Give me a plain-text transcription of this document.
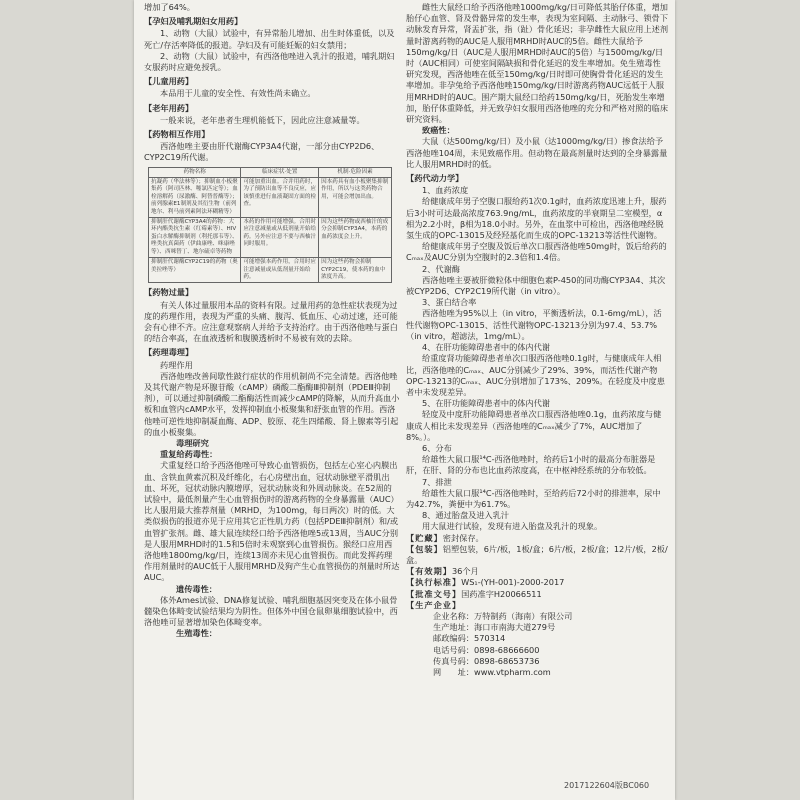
增加了64%。

【孕妇及哺乳期妇女用药】

1、动物（大鼠）试验中，有异常胎儿增加、出生时体重低，以及死亡/存活率降低的报道。孕妇及有可能妊娠的妇女禁用；

2、动物（大鼠）试验中，有西洛他唑进入乳汁的报道，哺乳期妇女服药时应避免授乳。

【儿童用药】

本品用于儿童的安全性、有效性尚未确立。

【老年用药】

一般来说，老年患者生理机能低下，因此应注意减量等。

【药物相互作用】

西洛他唑主要由肝代谢酶CYP3A4代谢，一部分由CYP2D6、CYP2C19所代谢。

药物名称	临床症状·处置	机制·危险因素
抗凝药（华法林等）；抑制血小板聚集药（阿司匹林、噻氯匹定等）；血栓溶解药（尿激酶、阿替普酶等）；前列腺素E1制剂及其衍生物（前列地尔、利马前列素阿法环糊精等）	可能加重出血。合并用药时，为了预防出血等不良反应，应该慎重进行血液凝固方面的检查。	因本药具有血小板聚集抑制作用，所以与这类药物合用，可能会增加出血。
抑制肝代谢酶CYP3A4的药物：大环内酯类抗生素（红霉素等）、HIV蛋白水解酶抑制剂（利托那韦等）、唑类抗真菌药（伊曲康唑、咪康唑等）、西咪替丁、地尔硫卓等药物	本药的作用可能增强。合用时应注意减量或从低剂量开始给药。另外应注意不要与西柚汁同时服用。	因为这些药物或西柚汁的成分会抑制CYP3A4，本药的血药浓度会上升。
抑制肝代谢酶CYP2C19的药物（奥美拉唑等）	可能增强本药作用，合用时应注意减量或从低剂量开始给药。	因为这些药物会抑制CYP2C19，使本药的血中浓度升高。

【药物过量】

有关人体过量服用本品的资料有限。过量用药的急性症状表现为过度的药理作用，表现为严重的头痛、腹泻、低血压、心动过速，还可能会有心律不齐。应注意观察病人并给予支持治疗。由于西洛他唑与蛋白的结合率高，在血液透析和腹膜透析时不易被有效的去除。

【药理毒理】

药理作用

西洛他唑改善间歇性跛行症状的作用机制尚不完全清楚。西洛他唑及其代谢产物是环腺苷酸（cAMP）磷酸二酯酶Ⅲ抑制剂（PDEⅢ抑制剂），可以通过抑制磷酸二酯酶活性而减少cAMP的降解，从而升高血小板和血管内cAMP水平，发挥抑制血小板聚集和舒张血管的作用。西洛他唑可逆性地抑制凝血酶、ADP、胶原、花生四烯酸、肾上腺素等引起的血小板聚集。

毒理研究

重复给药毒性：

犬重复经口给予西洛他唑可导致心血管损伤，包括左心室心内膜出血、含铁血黄素沉积及纤维化，右心房壁出血，冠状动脉壁平滑肌出血、坏死，冠状动脉内膜增厚，冠状动脉炎和外周动脉炎。在52周的试验中，最低剂量产生心血管损伤时的游离药物的全身暴露量（AUC）比人服用最大推荐剂量（MRHD，为100mg，每日两次）时的低。大类似损伤的报道亦见于应用其它正性肌力药（包括PDEⅢ抑制剂）和/或血管扩张剂。雌、雄大鼠连续经口给予西洛他唑5或13周，当AUC分别是人服用MRHD时的1.5和5倍时未观察到心血管损伤。猴经口应用西洛他唑1800mg/kg/日，连续13周亦未见心血管损伤。而此发挥药理作用剂量时的AUC低于人服用MRHD及狗产生心血管损伤的剂量时所达AUC。

遗传毒性：

体外Ames试验、DNA修复试验、哺乳细胞基因突变及在体小鼠骨髓染色体畸变试验结果均为阴性。但体外中国仓鼠卵巢细胞试验中，西洛他唑可显著增加染色体畸变率。

生殖毒性：

雌性大鼠经口给予西洛他唑1000mg/kg/日可降低其胎仔体重，增加胎仔心血管、肾及骨骼异常的发生率，表现为室间隔、主动脉弓、锁骨下动脉发育异常，肾盂扩张，指（趾）骨化延迟；非孕雌性大鼠应用上述剂量时游离药物的AUC是人服用MRHD时AUC的5倍。雌性大鼠给予150mg/kg/日（AUC是人服用MRHD时AUC的5倍）与1500mg/kg/日时（AUC相同）可使室间隔缺损和骨化延迟的发生率增加。免生殖毒性研究发现，西洛他唑在低至150mg/kg/日时即可使胸骨骨化延迟的发生率增加。非孕兔给予西洛他唑150mg/kg/日时游离药物AUC远低于人服用MRHD时的AUC。围产期大鼠经口给药150mg/kg/日，死胎发生率增加，胎仔体重降低，并无致孕妇女服用西洛他唑的充分和严格对照的临床研究资料。

致癌性：

大鼠（达500mg/kg/日）及小鼠（达1000mg/kg/日）掺食法给予西洛他唑104周，未见致癌作用。但动物在最高剂量时达到的全身暴露量比人服用MRHD时的低。

【药代动力学】

1、血药浓度

给健康成年男子空腹口服给药1次0.1g时，血药浓度迅速上升，服药后3小时可达最高浓度763.9ng/mL，血药浓度的半衰期呈二室模型，α相为2.2小时，β相为18.0小时。另外，在血浆中可检出，西洛他唑经脱氢生成的OPC-13015及经羟基化而生成的OPC-13213等活性代谢物。

给健康成年男子空腹及饭后单次口服西洛他唑50mg时，饭后给药的Cₘₐₓ及AUC分别为空腹时的2.3倍和1.4倍。

2、代谢酶

西洛他唑主要被肝微粒体中细胞色素P-450的同功酶CYP3A4、其次被CYP2D6、CYP2C19所代谢（in vitro）。

3、蛋白结合率

西洛他唑为95%以上（in vitro，平衡透析法，0.1-6mg/mL），活性代谢物OPC-13015、活性代谢物OPC-13213分别为97.4、53.7%（in vitro，超滤法，1mg/mL）。

4、在肝功能障碍患者中的体内代谢

给重度肾功能障碍患者单次口服西洛他唑0.1g时，与健康成年人相比，西洛他唑的Cₘₐₓ、AUC分别减少了29%、39%，而活性代谢产物OPC-13213的Cₘₐₓ、AUC分别增加了173%、209%。在轻度及中度患者中未发现差异。

5、在肝功能障碍患者中的体内代谢

轻度及中度肝功能障碍患者单次口服西洛他唑0.1g，血药浓度与健康成人相比未发现差异（西洛他唑的Cₘₐₓ减少了7%，AUC增加了8%。）。

6、分布

给雄性大鼠口服¹⁴C-西洛他唑时，给药后1小时的最高分布脏器是肝，在肝、肾的分布也比血药浓度高，在中枢神经系统的分布较低。

7、排泄

给雄性大鼠口服¹⁴C-西洛他唑时，至给药后72小时的排泄率，尿中为42.7%，粪便中为61.7%。

8、通过胎盘及进入乳汁

用大鼠进行试验，发现有进入胎盘及乳汁的现象。

【贮藏】密封保存。

【包装】铝塑包装，6片/板，1板/盒；6片/板，2板/盒；12片/板，2板/盒。

【有效期】36个月

【执行标准】WS₁-(YH-001)-2000-2017

【批准文号】国药准字H20066511

【生产企业】

企业名称： 万特制药（海南）有限公司
生产地址： 海口市南海大道279号
邮政编码： 570314
电话号码： 0898-68666600
传真号码： 0898-68653736
网　　址： www.vtpharm.com
2017122604版BC060
